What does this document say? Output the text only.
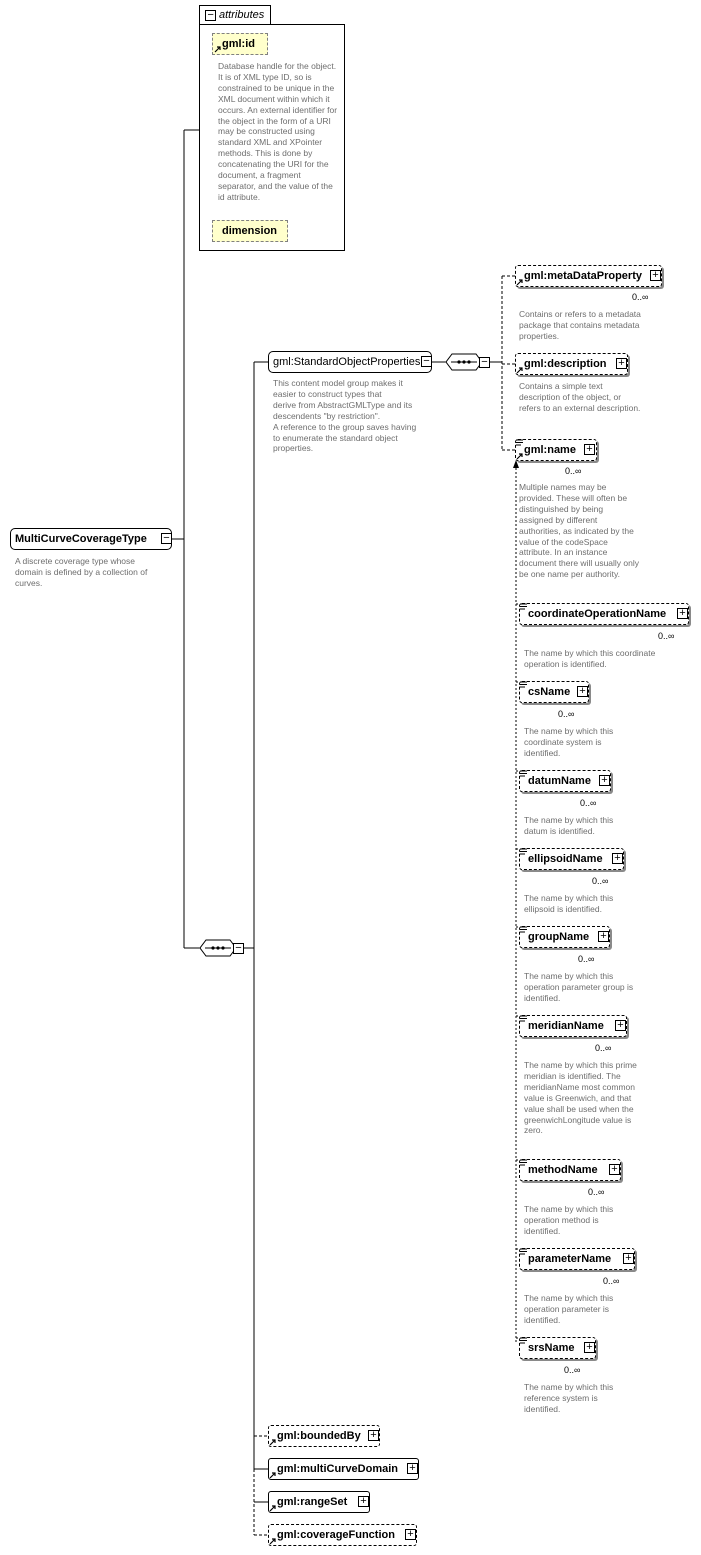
MultiCurveCoverageType −
A discrete coverage type whose domain is defined by a collection of curves.
− attributes
gml:id
Database handle for the object. It is of XML type ID, so is constrained to be unique in the XML document within which it occurs. An external identifier for the object in the form of a URI may be constructed using standard XML and XPointer methods. This is done by concatenating the URI for the document, a fragment separator, and the value of the id attribute.
dimension
−
gml:StandardObjectProperties −
This content model group makes it easier to construct types that
derive from AbstractGMLType and its descendents "by restriction".
A reference to the group saves having to enumerate the standard object properties.
−
gml:metaDataProperty +
0..∞
Contains or refers to a metadata package that contains metadata properties.
gml:description +
Contains a simple text description of the object, or refers to an external description.
gml:name +
0..∞
Multiple names may be provided. These will often be distinguished by being assigned by different authorities, as indicated by the value of the codeSpace attribute. In an instance document there will usually only be one name per authority.
coordinateOperationName +
0..∞
The name by which this coordinate operation is identified.
csName +
0..∞
The name by which this coordinate system is identified.
datumName +
0..∞
The name by which this datum is identified.
ellipsoidName +
0..∞
The name by which this ellipsoid is identified.
groupName +
0..∞
The name by which this operation parameter group is identified.
meridianName +
0..∞
The name by which this prime meridian is identified. The meridianName most common value is Greenwich, and that value shall be used when the greenwichLongitude value is zero.
methodName +
0..∞
The name by which this operation method is identified.
parameterName +
0..∞
The name by which this operation parameter is identified.
srsName +
0..∞
The name by which this reference system is identified.
gml:boundedBy +
gml:multiCurveDomain +
gml:rangeSet +
gml:coverageFunction +
